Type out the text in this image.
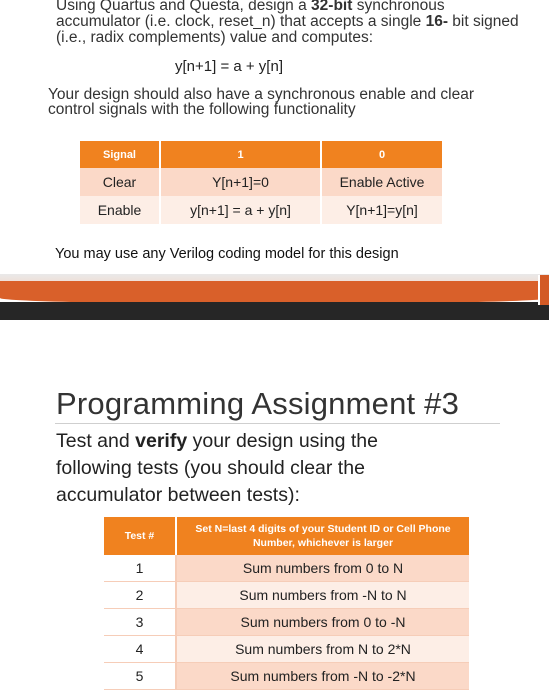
Using Quartus and Questa, design a 32-bit synchronous accumulator (i.e. clock, reset_n) that accepts a single 16- bit signed (i.e., radix complements) value and computes:
y[n+1] = a + y[n]
Your design should also have a synchronous enable and clear control signals with the following functionality
Signal	1	0
Clear	Y[n+1]=0	Enable Active
Enable	y[n+1] = a + y[n]	Y[n+1]=y[n]
You may use any Verilog coding model for this design
Programming Assignment #3
Test and verify your design using the following tests (you should clear the accumulator between tests):
Test #	Set N=last 4 digits of your Student ID or Cell Phone Number, whichever is larger
1	Sum numbers from 0 to N
2	Sum numbers from -N to N
3	Sum numbers from 0 to -N
4	Sum numbers from N to 2*N
5	Sum numbers from -N to -2*N
